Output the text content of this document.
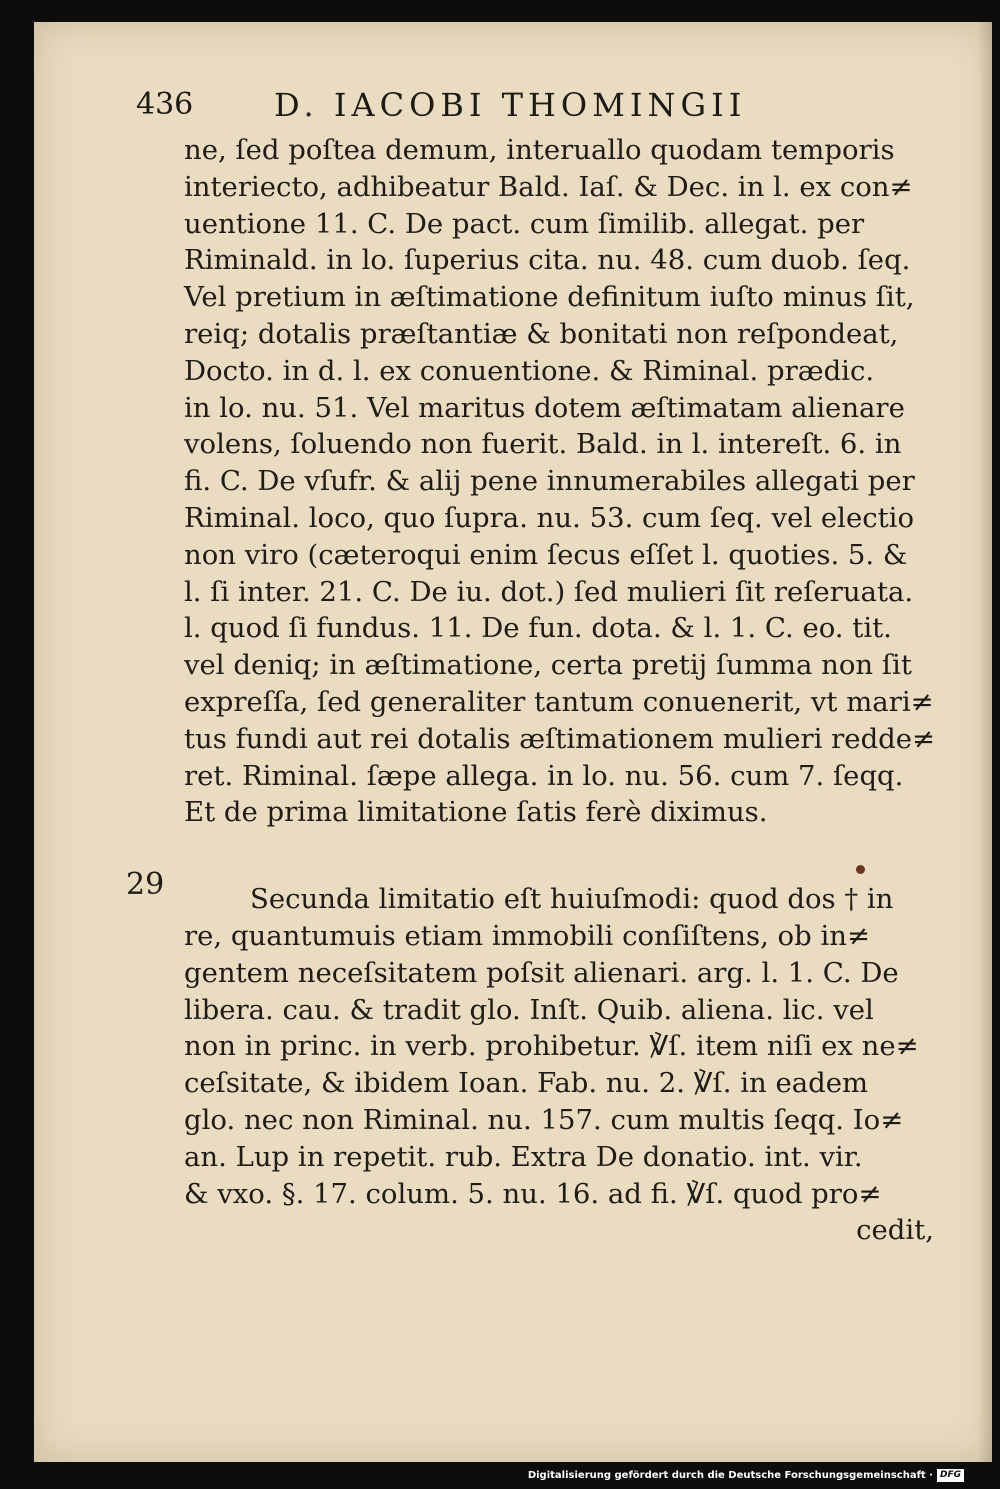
436	D. IACOBI THOMINGII
29
ne, ſed poſtea demum, interuallo quodam temporis
interiecto, adhibeatur Bald. Iaſ. & Dec. in l. ex con≠
uentione 11. C. De pact. cum ſimilib. allegat. per
Riminald. in lo. ſuperius cita. nu. 48. cum duob. ſeq.
Vel pretium in æſtimatione definitum iuſto minus ſit,
reiq; dotalis præſtantiæ & bonitati non reſpondeat,
Docto. in d. l. ex conuentione. & Riminal. prædic.
in lo. nu. 51. Vel maritus dotem æſtimatam alienare
volens, ſoluendo non fuerit. Bald. in l. intereſt. 6. in
fi. C. De vſufr. & alij pene innumerabiles allegati per
Riminal. loco, quo ſupra. nu. 53. cum ſeq. vel electio
non viro (cæteroqui enim ſecus eſſet l. quoties. 5. &
l. ſi inter. 21. C. De iu. dot.) ſed mulieri ſit reſeruata.
l. quod ſi fundus. 11. De fun. dota. & l. 1. C. eo. tit.
vel deniq; in æſtimatione, certa pretij ſumma non ſit
expreſſa, ſed generaliter tantum conuenerit, vt mari≠
tus fundi aut rei dotalis æſtimationem mulieri redde≠
ret. Riminal. ſæpe allega. in lo. nu. 56. cum 7. ſeqq.
Et de prima limitatione ſatis ferè diximus.
Secunda limitatio eſt huiuſmodi: quod dos † in
re, quantumuis etiam immobili conſiſtens, ob in≠
gentem neceſsitatem poſsit alienari. arg. l. 1. C. De
libera. cau. & tradit glo. Inſt. Quib. aliena. lic. vel
non in princ. in verb. prohibetur. ℣ſ. item niſi ex ne≠
ceſsitate, & ibidem Ioan. Fab. nu. 2. ℣ſ. in eadem
glo. nec non Riminal. nu. 157. cum multis ſeqq. Io≠
an. Lup in repetit. rub. Extra De donatio. int. vir.
& vxo. §. 17. colum. 5. nu. 16. ad fi. ℣ſ. quod pro≠
cedit,
Digitalisierung gefördert durch die Deutsche Forschungsgemeinschaft · DFG
